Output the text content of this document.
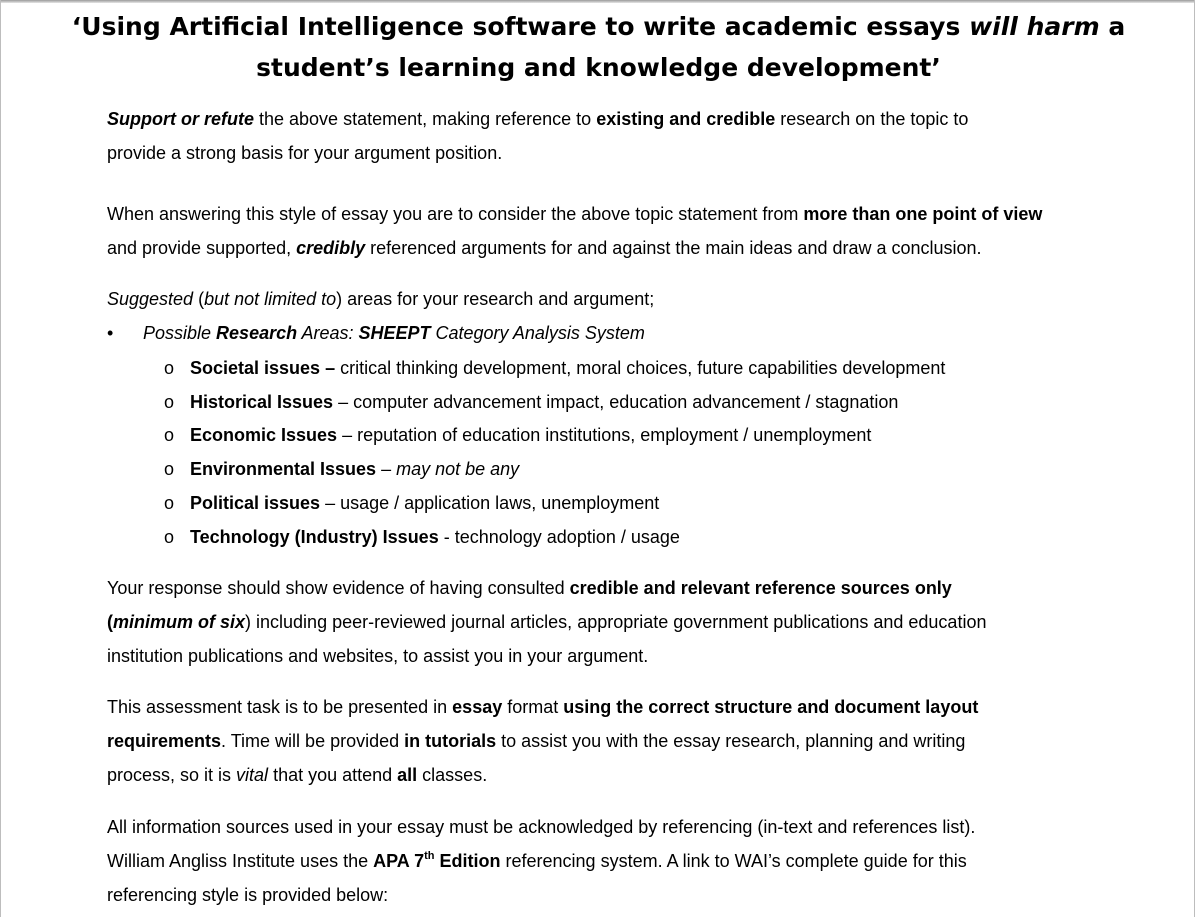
‘Using Artificial Intelligence software to write academic essays will harm a
student’s learning and knowledge development’

Support or refute the above statement, making reference to existing and credible research on the topic to
provide a strong basis for your argument position.

When answering this style of essay you are to consider the above topic statement from more than one point of view
and provide supported, credibly referenced arguments for and against the main ideas and draw a conclusion.

Suggested (but not limited to) areas for your research and argument;

• Possible Research Areas: SHEEPT Category Analysis System
o Societal issues – critical thinking development, moral choices, future capabilities development
o Historical Issues – computer advancement impact, education advancement / stagnation
o Economic Issues – reputation of education institutions, employment / unemployment
o Environmental Issues – may not be any
o Political issues – usage / application laws, unemployment
o Technology (Industry) Issues - technology adoption / usage

Your response should show evidence of having consulted credible and relevant reference sources only
(minimum of six) including peer-reviewed journal articles, appropriate government publications and education
institution publications and websites, to assist you in your argument.

This assessment task is to be presented in essay format using the correct structure and document layout
requirements. Time will be provided in tutorials to assist you with the essay research, planning and writing
process, so it is vital that you attend all classes.

All information sources used in your essay must be acknowledged by referencing (in-text and references list).
William Angliss Institute uses the APA 7th Edition referencing system. A link to WAI’s complete guide for this
referencing style is provided below:
